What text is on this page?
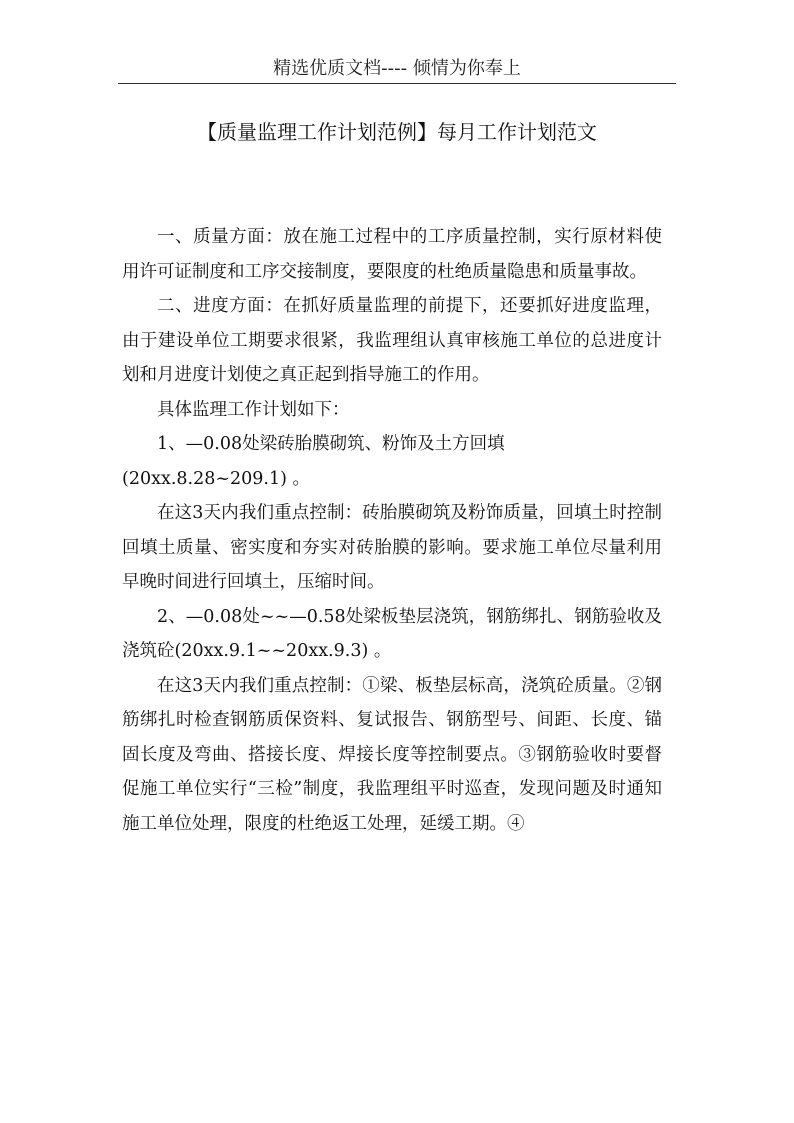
精选优质文档---- 倾情为你奉上
【质量监理工作计划范例】每月工作计划范文

一、质量方面：放在施工过程中的工序质量控制，实行原材料使用许可证制度和工序交接制度，要限度的杜绝质量隐患和质量事故。

二、进度方面：在抓好质量监理的前提下，还要抓好进度监理，由于建设单位工期要求很紧，我监理组认真审核施工单位的总进度计划和月进度计划使之真正起到指导施工的作用。

具体监理工作计划如下：

1、—0.08处梁砖胎膜砌筑、粉饰及土方回填

(20xx.8.28~209.1) 。

在这3天内我们重点控制：砖胎膜砌筑及粉饰质量，回填土时控制回填土质量、密实度和夯实对砖胎膜的影响。要求施工单位尽量利用早晚时间进行回填土，压缩时间。

2、—0.08处~~—0.58处梁板垫层浇筑，钢筋绑扎、钢筋验收及浇筑砼(20xx.9.1~~20xx.9.3) 。

在这3天内我们重点控制：①梁、板垫层标高，浇筑砼质量。②钢筋绑扎时检查钢筋质保资料、复试报告、钢筋型号、间距、长度、锚固长度及弯曲、搭接长度、焊接长度等控制要点。③钢筋验收时要督促施工单位实行“三检”制度，我监理组平时巡查，发现问题及时通知施工单位处理，限度的杜绝返工处理，延缓工期。④
